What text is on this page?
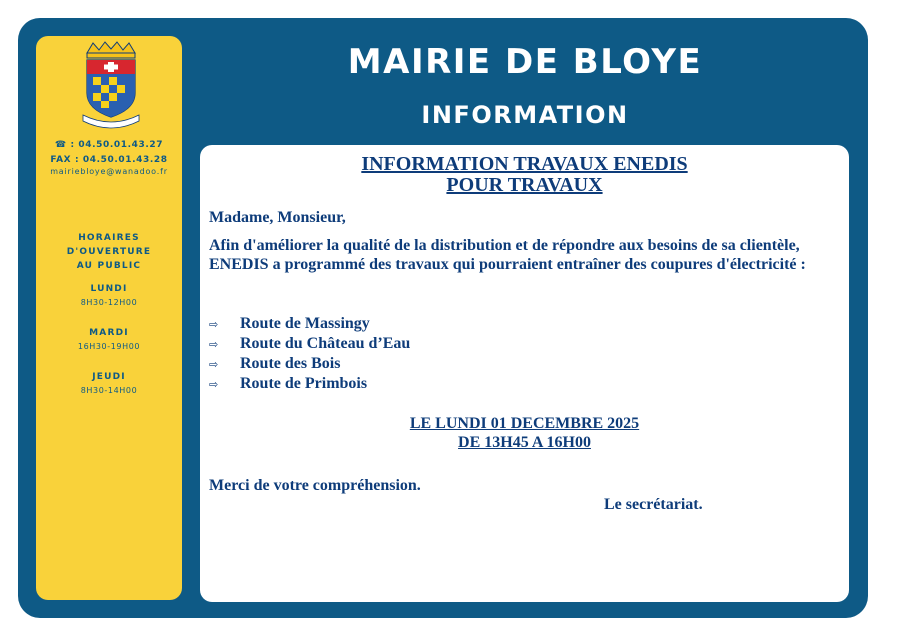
MAIRIE DE BLOYE
INFORMATION
☎ : 04.50.01.43.27
FAX : 04.50.01.43.28
mairiebloye@wanadoo.fr
HORAIRES
D'OUVERTURE
AU PUBLIC
LUNDI
8H30-12H00
MARDI
16H30-19H00
JEUDI
8H30-14H00
INFORMATION TRAVAUX ENEDIS
POUR TRAVAUX
Madame, Monsieur,
Afin d'améliorer la qualité de la distribution et de répondre aux besoins de sa clientèle, ENEDIS a programmé des travaux qui pourraient entraîner des coupures d'électricité :
⇨ Route de Massingy
⇨ Route du Château d’Eau
⇨ Route des Bois
⇨ Route de Primbois
LE LUNDI 01 DECEMBRE 2025
DE 13H45 A 16H00
Merci de votre compréhension.
Le secrétariat.
